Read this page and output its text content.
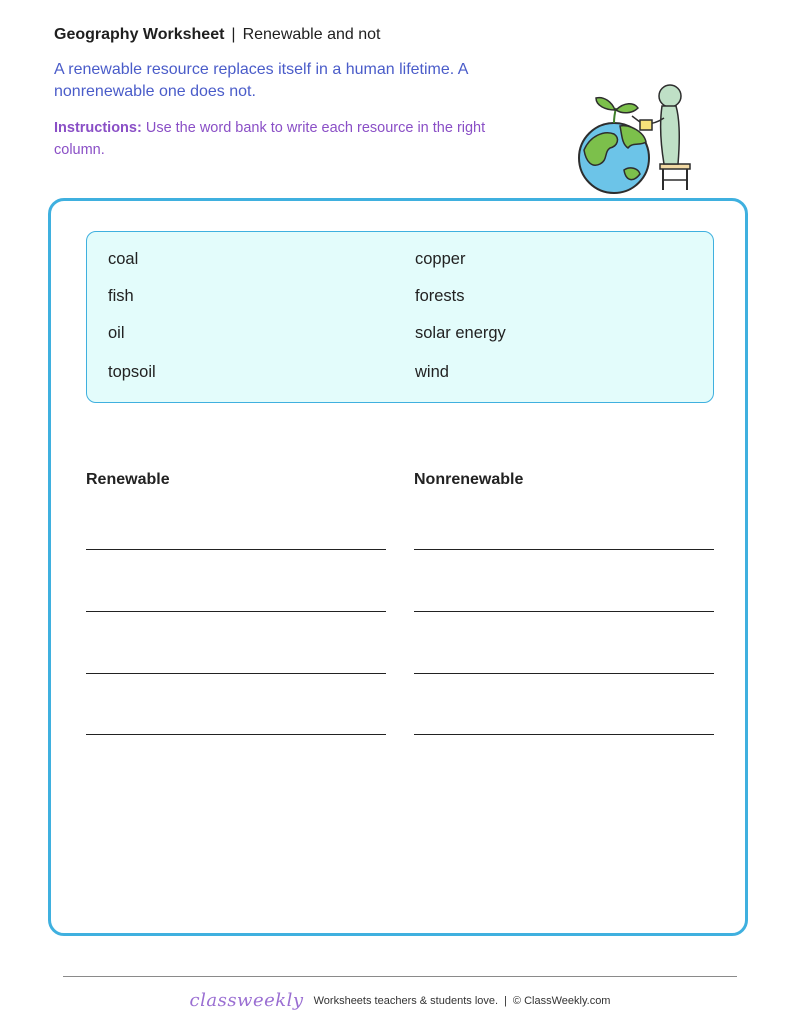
Geography Worksheet | Renewable and not
A renewable resource replaces itself in a human lifetime. A nonrenewable one does not.
Instructions: Use the word bank to write each resource in the right column.
coal
fish
oil
topsoil
copper
forests
solar energy
wind
Renewable	Nonrenewable
classweekly Worksheets teachers & students love. | © ClassWeekly.com
